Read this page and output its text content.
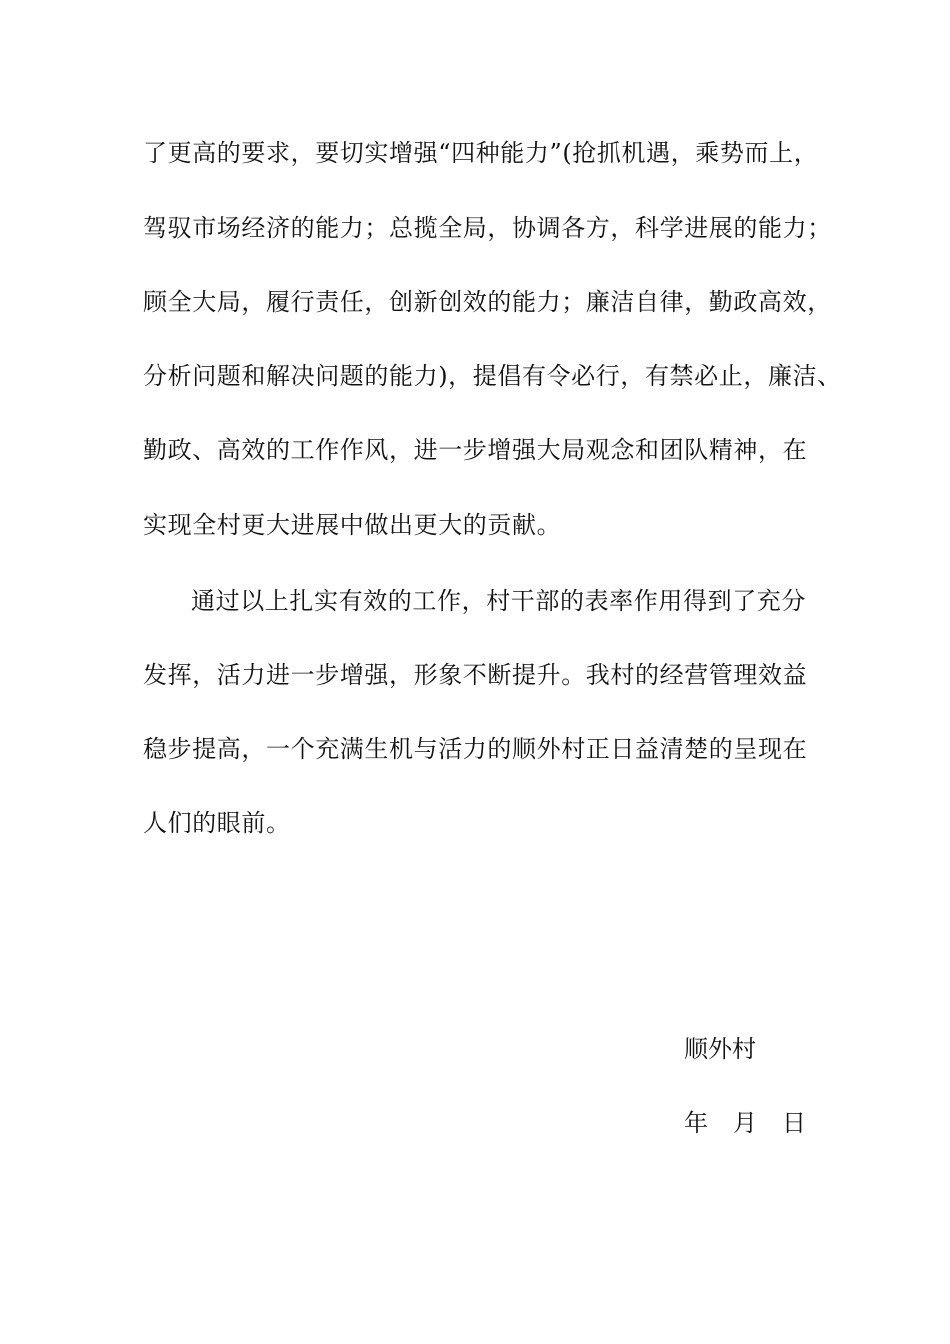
了更高的要求，要切实增强“四种能力”(抢抓机遇，乘势而上，
驾驭市场经济的能力；总揽全局，协调各方，科学进展的能力；
顾全大局，履行责任，创新创效的能力；廉洁自律，勤政高效，
分析问题和解决问题的能力)，提倡有令必行，有禁必止，廉洁、
勤政、高效的工作作风，进一步增强大局观念和团队精神，在
实现全村更大进展中做出更大的贡献。
通过以上扎实有效的工作，村干部的表率作用得到了充分
发挥，活力进一步增强，形象不断提升。我村的经营管理效益
稳步提高，一个充满生机与活力的顺外村正日益清楚的呈现在
人们的眼前。
顺外村
年 月 日
